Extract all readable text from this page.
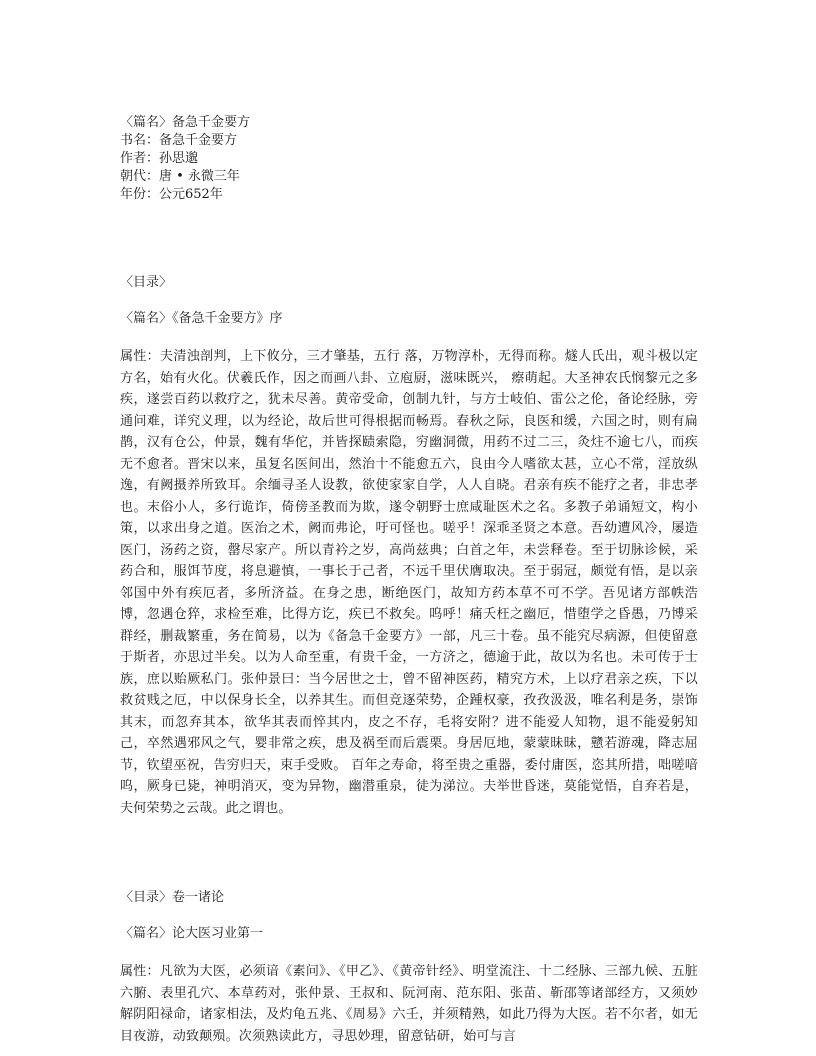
〈篇名〉备急千金要方
书名：备急千金要方
作者：孙思邈
朝代：唐 • 永微三年
年份：公元652年
〈目录〉
〈篇名〉《备急千金要方》序
属性：夫清浊剖判，上下攸分，三才肇基，五行 落，万物淳朴，无得而称。燧人氏出，观斗极以定方名，始有火化。伏羲氏作，因之而画八卦、立庖厨，滋味既兴， 瘵萌起。大圣神农氏悯黎元之多疾，遂尝百药以救疗之，犹未尽善。黄帝受命，创制九针，与方士岐伯、雷公之伦，备论经脉，旁通问难，详究义理，以为经论，故后世可得根据而畅焉。春秋之际，良医和缓，六国之时，则有扁鹊，汉有仓公，仲景，魏有华佗，并皆探赜索隐，穷幽洞微，用药不过二三，灸炷不逾七八，而疾无不愈者。晋宋以来，虽复名医间出，然治十不能愈五六，良由今人嗜欲太甚，立心不常，淫放纵逸，有阙摄养所致耳。余缅寻圣人设教，欲使家家自学，人人自晓。君亲有疾不能疗之者，非忠孝也。末俗小人，多行诡诈，倚傍圣教而为欺，遂令朝野士庶咸耻医术之名。多教子弟诵短文，构小策，以求出身之道。医治之术，阙而弗论，吁可怪也。嗟乎！深乖圣贤之本意。吾幼遭风冷，屡造医门，汤药之资，罄尽家产。所以青衿之岁，高尚兹典；白首之年，未尝释卷。至于切脉诊候，采药合和，服饵节度，将息避慎，一事长于己者，不远千里伏膺取决。至于弱冠，颇觉有悟，是以亲邻国中外有疾厄者，多所济益。在身之患，断绝医门，故知方药本草不可不学。吾见诸方部帙浩博，忽遇仓猝，求检至难，比得方讫，疾已不救矣。呜呼！痛夭枉之幽厄，惜堕学之昏愚，乃博采群经，删裁繁重，务在简易，以为《备急千金要方》一部，凡三十卷。虽不能究尽病源，但使留意于斯者，亦思过半矣。以为人命至重，有贵千金，一方济之，德逾于此，故以为名也。未可传于士族，庶以贻厥私门。张仲景曰：当今居世之士，曾不留神医药，精究方术，上以疗君亲之疾，下以救贫贱之厄，中以保身长全，以养其生。而但竞逐荣势，企踵权豪，孜孜汲汲，唯名利是务，崇饰其末，而忽弃其本，欲华其表而悴其内，皮之不存，毛将安附？进不能爱人知物，退不能爱躬知己，卒然遇邪风之气，婴非常之疾，患及祸至而后震栗。身居厄地，蒙蒙昧昧，戆若游魂，降志屈节，钦望巫祝，告穷归天，束手受败。 百年之寿命，将至贵之重器，委付庸医，恣其所措，咄嗟喑呜，厥身已毙，神明消灭，变为异物，幽潜重泉，徒为涕泣。夫举世昏迷，莫能觉悟，自弃若是，夫何荣势之云哉。此之谓也。
〈目录〉卷一诸论
〈篇名〉论大医习业第一
属性：凡欲为大医，必须谙《素问》、《甲乙》、《黄帝针经》、明堂流注、十二经脉、三部九候、五脏六腑、表里孔穴、本草药对，张仲景、王叔和、阮河南、范东阳、张苗、靳邵等诸部经方，又须妙解阴阳禄命，诸家相法，及灼龟五兆、《周易》六壬，并须精熟，如此乃得为大医。若不尔者，如无目夜游，动致颠殒。次须熟读此方，寻思妙理，留意钻研，始可与言
